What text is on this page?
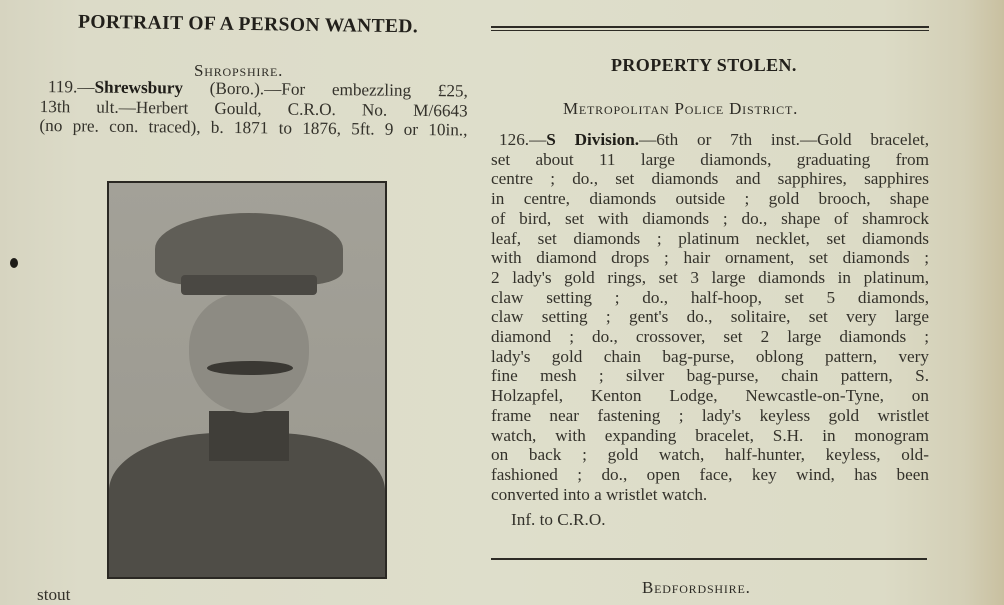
PORTRAIT OF A PERSON WANTED.
Shropshire.
119.—Shrewsbury (Boro.).—For embezzling £25,
13th ult.—Herbert Gould, C.R.O. No. M/6643
(no pre. con. traced), b. 1871 to 1876, 5ft. 9 or 10in.,
stout
PROPERTY STOLEN.
Metropolitan Police District.
126.—S Division.—6th or 7th inst.—Gold bracelet,
set about 11 large diamonds, graduating from
centre ; do., set diamonds and sapphires, sapphires
in centre, diamonds outside ; gold brooch, shape
of bird, set with diamonds ; do., shape of shamrock
leaf, set diamonds ; platinum necklet, set diamonds
with diamond drops ; hair ornament, set diamonds ;
2 lady's gold rings, set 3 large diamonds in platinum,
claw setting ; do., half-hoop, set 5 diamonds,
claw setting ; gent's do., solitaire, set very large
diamond ; do., crossover, set 2 large diamonds ;
lady's gold chain bag-purse, oblong pattern, very
fine mesh ; silver bag-purse, chain pattern, S.
Holzapfel, Kenton Lodge, Newcastle-on-Tyne, on
frame near fastening ; lady's keyless gold wristlet
watch, with expanding bracelet, S.H. in monogram
on back ; gold watch, half-hunter, keyless, old-
fashioned ; do., open face, key wind, has been
converted into a wristlet watch.
Inf. to C.R.O.
Bedfordshire.
